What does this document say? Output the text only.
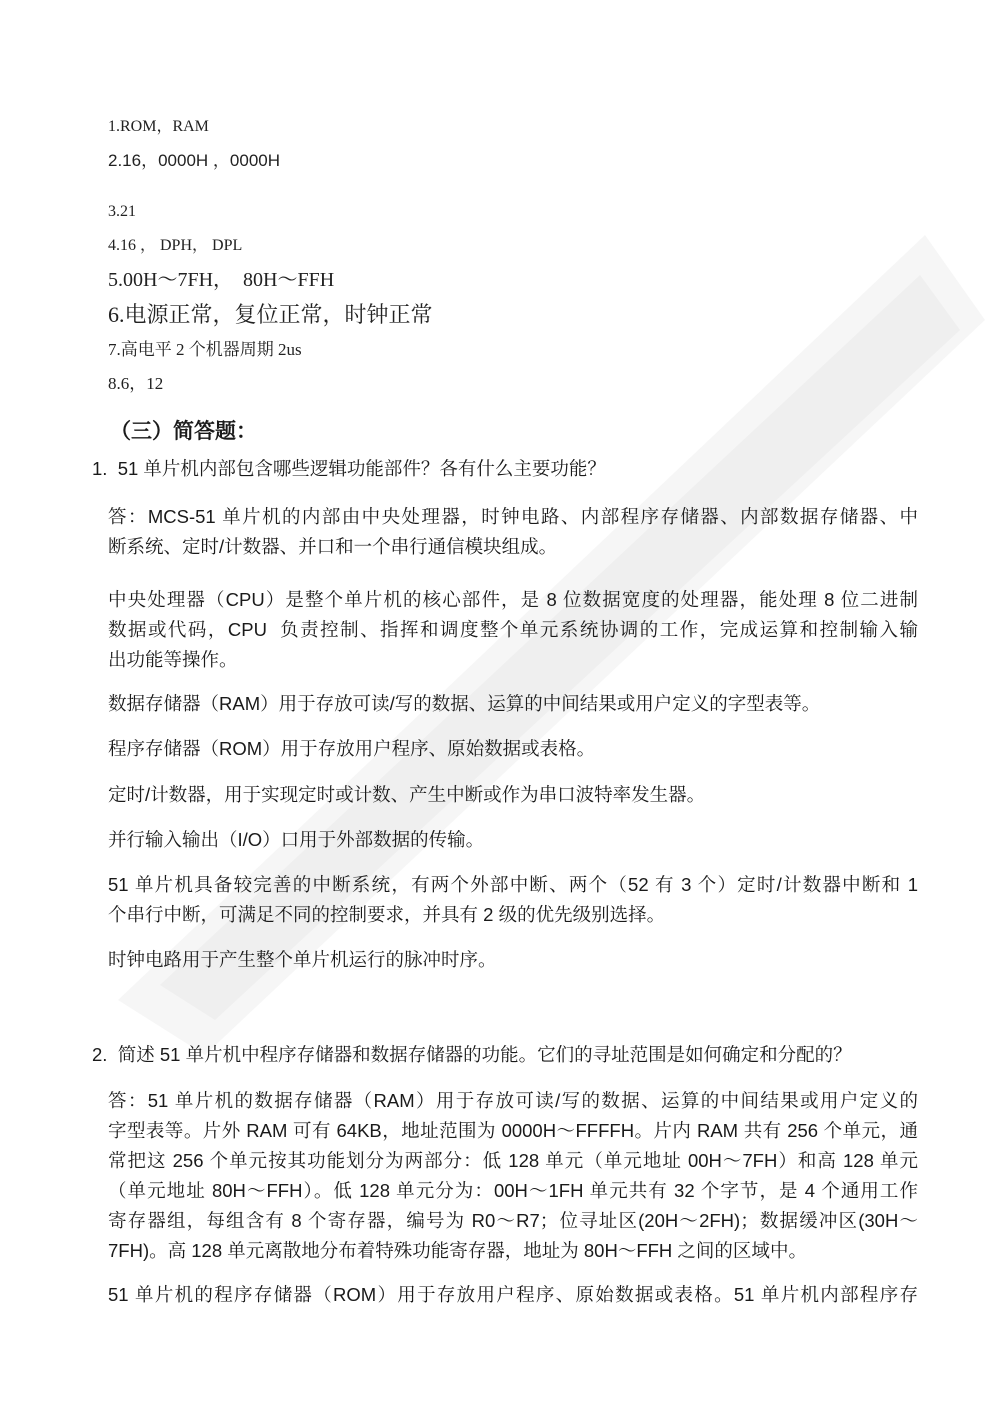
1.ROM，RAM
2.16，0000H ，0000H
3.21
4.16 ， DPH， DPL
5.00H～7FH，  80H～FFH
6.电源正常，复位正常，时钟正常
7.高电平 2 个机器周期 2us
8.6，12
（三）简答题：
1.  51 单片机内部包含哪些逻辑功能部件？各有什么主要功能？
答：MCS-51 单片机的内部由中央处理器，时钟电路、内部程序存储器、内部数据存储器、中
断系统、定时/计数器、并口和一个串行通信模块组成。
中央处理器（CPU）是整个单片机的核心部件，是 8 位数据宽度的处理器，能处理 8 位二进制
数据或代码，CPU  负责控制、指挥和调度整个单元系统协调的工作，完成运算和控制输入输
出功能等操作。
数据存储器（RAM）用于存放可读/写的数据、运算的中间结果或用户定义的字型表等。
程序存储器（ROM）用于存放用户程序、原始数据或表格。
定时/计数器，用于实现定时或计数、产生中断或作为串口波特率发生器。
并行输入输出（I/O）口用于外部数据的传输。
51 单片机具备较完善的中断系统，有两个外部中断、两个（52 有 3 个）定时/计数器中断和 1
个串行中断，可满足不同的控制要求，并具有 2 级的优先级别选择。
时钟电路用于产生整个单片机运行的脉冲时序。
2.  简述 51 单片机中程序存储器和数据存储器的功能。它们的寻址范围是如何确定和分配的？
答：51 单片机的数据存储器（RAM）用于存放可读/写的数据、运算的中间结果或用户定义的
字型表等。片外 RAM 可有 64KB，地址范围为 0000H～FFFFH。片内 RAM 共有 256 个单元，通
常把这 256 个单元按其功能划分为两部分：低 128 单元（单元地址 00H～7FH）和高 128 单元
（单元地址 80H～FFH）。低 128 单元分为：00H～1FH 单元共有 32 个字节，是 4 个通用工作
寄存器组，每组含有 8 个寄存器，编号为 R0～R7；位寻址区(20H～2FH)；数据缓冲区(30H～
7FH)。高 128 单元离散地分布着特殊功能寄存器，地址为 80H～FFH 之间的区域中。
51 单片机的程序存储器（ROM）用于存放用户程序、原始数据或表格。51 单片机内部程序存
